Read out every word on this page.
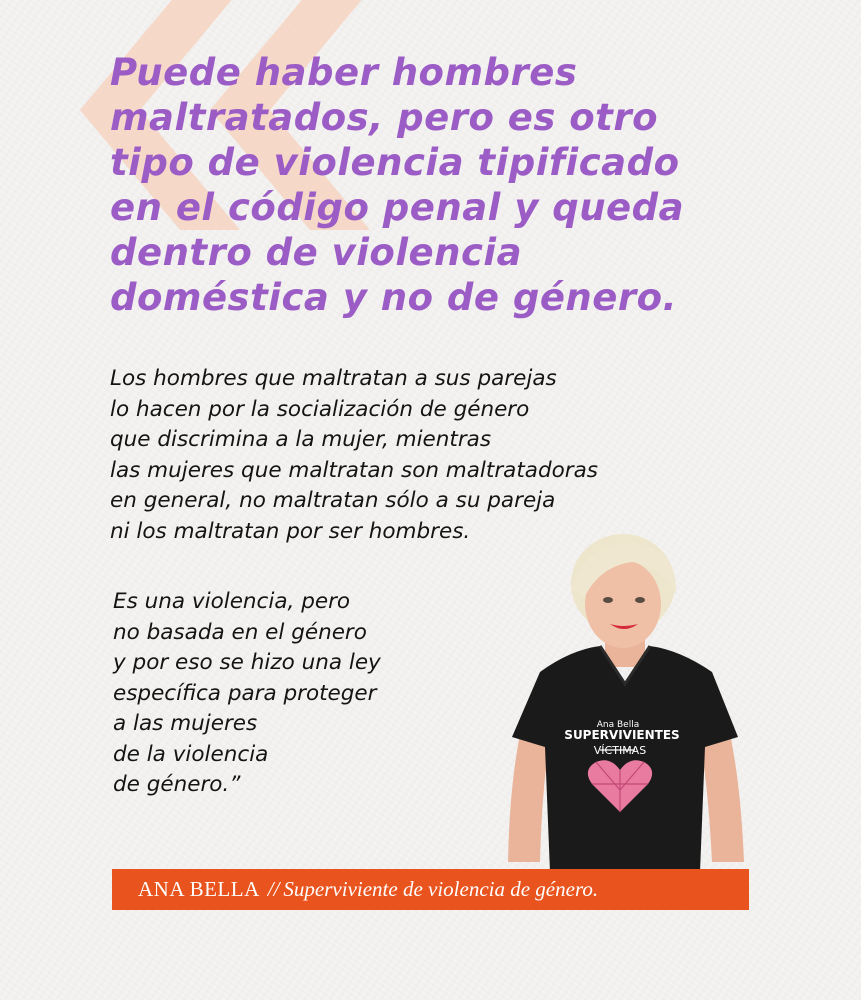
Puede haber hombres
maltratados, pero es otro
tipo de violencia tipificado
en el código penal y queda
dentro de violencia
doméstica y no de género.
Los hombres que maltratan a sus parejas
lo hacen por la socialización de género
que discrimina a la mujer, mientras
las mujeres que maltratan son maltratadoras
en general, no maltratan sólo a su pareja
ni los maltratan por ser hombres.
Es una violencia, pero
no basada en el género
y por eso se hizo una ley
específica para proteger
a las mujeres
de la violencia
de género.”
Ana Bella
SUPERVIVIENTES
VÍCTIMAS
ANA BELLA // Superviviente de violencia de género.
